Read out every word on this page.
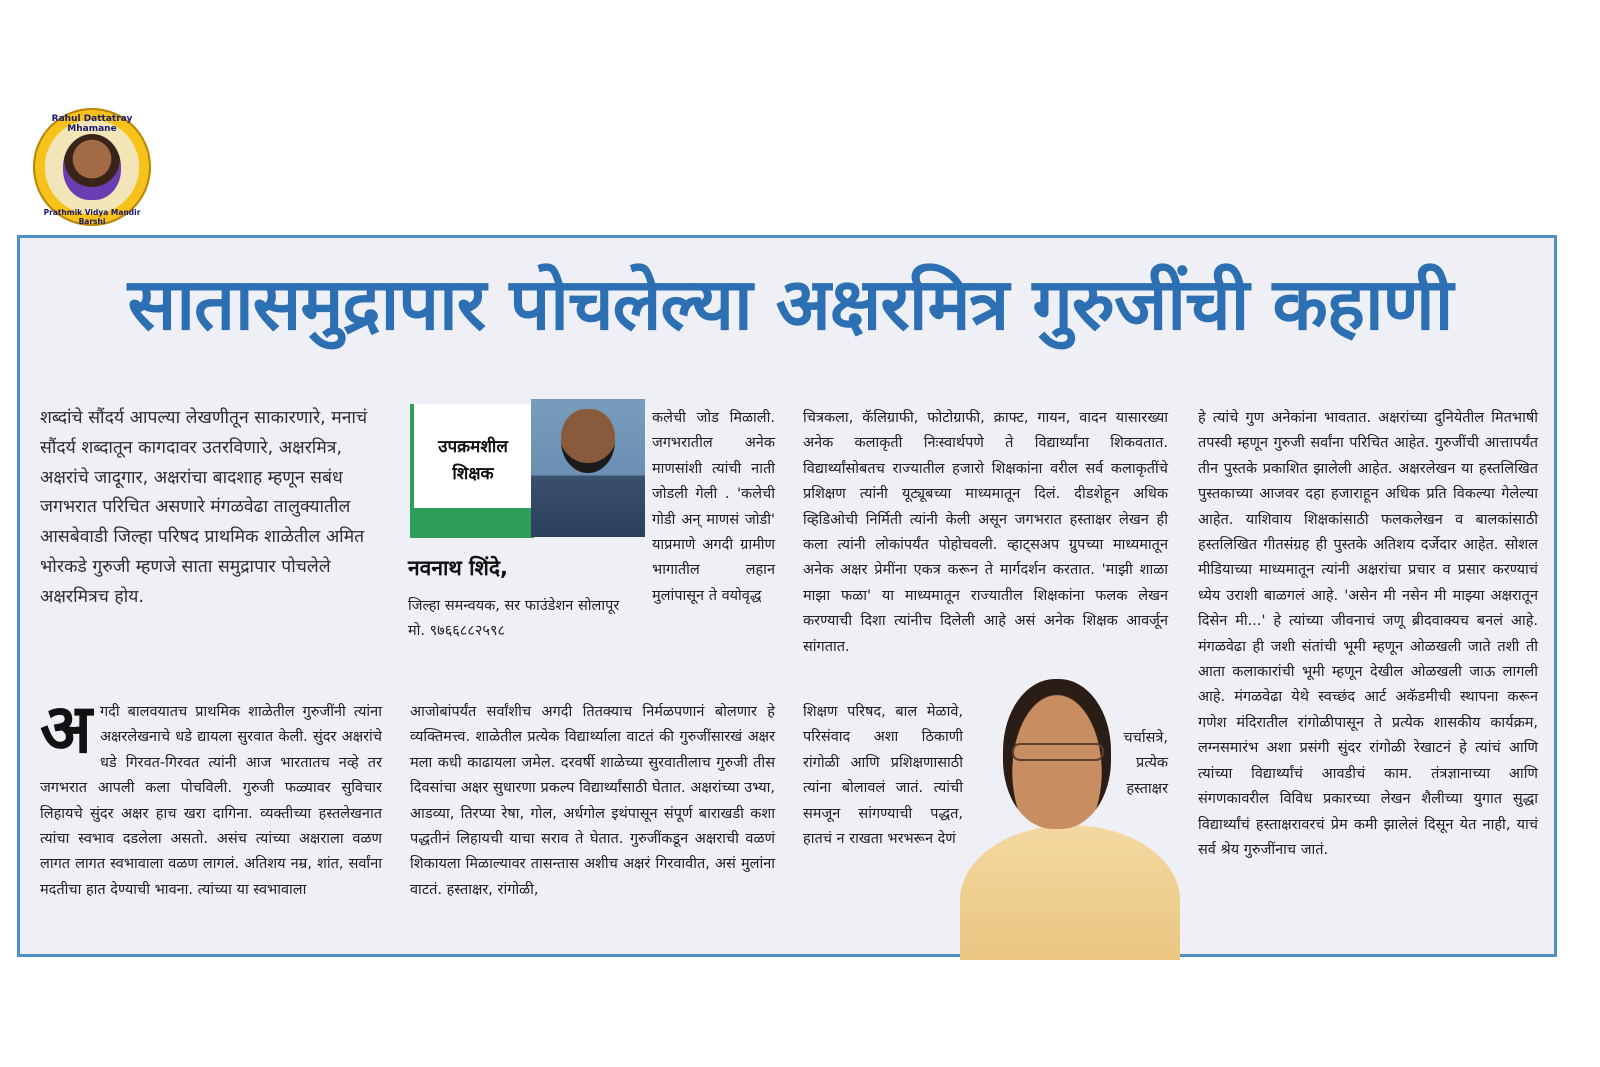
Rahul Dattatray Mhamane
Prathmik Vidya Mandir Barshi
सातासमुद्रापार पोचलेल्या अक्षरमित्र गुरुजींची कहाणी
शब्दांचे सौंदर्य आपल्या लेखणीतून साकारणारे, मनाचं सौंदर्य शब्दातून कागदावर उतरविणारे, अक्षरमित्र, अक्षरांचे जादूगार, अक्षरांचा बादशाह म्हणून सबंध जगभरात परिचित असणारे मंगळवेढा तालुक्यातील आसबेवाडी जिल्हा परिषद प्राथमिक शाळेतील अमित भोरकडे गुरुजी म्हणजे साता समुद्रापार पोचलेले अक्षरमित्रच होय.
उपक्रमशील शिक्षक
नवनाथ शिंदे,
जिल्हा समन्वयक, सर फाउंडेशन सोलापूर मो. ९७६६८८२५९८
अ गदी बालवयातच प्राथमिक शाळेतील गुरुजींनी त्यांना अक्षरलेखनाचे धडे द्यायला सुरवात केली. सुंदर अक्षरांचे धडे गिरवत-गिरवत त्यांनी आज भारतातच नव्हे तर जगभरात आपली कला पोचविली. गुरुजी फळ्यावर सुविचार लिहायचे सुंदर अक्षर हाच खरा दागिना. व्यक्तीच्या हस्तलेखनात त्यांचा स्वभाव दडलेला असतो. असंच त्यांच्या अक्षराला वळण लागत लागत स्वभावाला वळण लागलं. अतिशय नम्र, शांत, सर्वांना मदतीचा हात देण्याची भावना. त्यांच्या या स्वभावाला
कलेची जोड मिळाली. जगभरातील अनेक माणसांशी त्यांची नाती जोडली गेली . 'कलेची गोडी अन् माणसं जोडी' याप्रमाणे अगदी ग्रामीण भागातील लहान मुलांपासून ते वयोवृद्ध
आजोबांपर्यंत सर्वांशीच अगदी तितक्याच निर्मळपणानं बोलणार हे व्यक्तिमत्त्व. शाळेतील प्रत्येक विद्यार्थ्याला वाटतं की गुरुजींसारखं अक्षर मला कधी काढायला जमेल. दरवर्षी शाळेच्या सुरवातीलाच गुरुजी तीस दिवसांचा अक्षर सुधारणा प्रकल्प विद्यार्थ्यांसाठी घेतात. अक्षरांच्या उभ्या, आडव्या, तिरप्या रेषा, गोल, अर्धगोल इथंपासून संपूर्ण बाराखडी कशा पद्धतीनं लिहायची याचा सराव ते घेतात. गुरुजींकडून अक्षराची वळणं शिकायला मिळाल्यावर तासन्तास अशीच अक्षरं गिरवावीत, असं मुलांना वाटतं. हस्ताक्षर, रांगोळी,
चित्रकला, कॅलिग्राफी, फोटोग्राफी, क्राफ्ट, गायन, वादन यासारख्या अनेक कलाकृती निःस्वार्थपणे ते विद्यार्थ्यांना शिकवतात. विद्यार्थ्यांसोबतच राज्यातील हजारो शिक्षकांना वरील सर्व कलाकृतींचे प्रशिक्षण त्यांनी यूट्यूबच्या माध्यमातून दिलं. दीडशेहून अधिक व्हिडिओची निर्मिती त्यांनी केली असून जगभरात हस्ताक्षर लेखन ही कला त्यांनी लोकांपर्यंत पोहोचवली. व्हाट्सअप ग्रुपच्या माध्यमातून अनेक अक्षर प्रेमींना एकत्र करून ते मार्गदर्शन करतात. 'माझी शाळा माझा फळा' या माध्यमातून राज्यातील शिक्षकांना फलक लेखन करण्याची दिशा त्यांनीच दिलेली आहे असं अनेक शिक्षक आवर्जून सांगतात.
शिक्षण परिषद, बाल मेळावे, परिसंवाद अशा ठिकाणी रांगोळी आणि प्रशिक्षणासाठी त्यांना बोलावलं जातं. त्यांची समजून सांगण्याची पद्धत, हातचं न राखता भरभरून देणं
चर्चासत्रे, प्रत्येक हस्ताक्षर
हे त्यांचे गुण अनेकांना भावतात. अक्षरांच्या दुनियेतील मितभाषी तपस्वी म्हणून गुरुजी सर्वांना परिचित आहेत. गुरुजींची आत्तापर्यंत तीन पुस्तके प्रकाशित झालेली आहेत. अक्षरलेखन या हस्तलिखित पुस्तकाच्या आजवर दहा हजाराहून अधिक प्रति विकल्या गेलेल्या आहेत. याशिवाय शिक्षकांसाठी फलकलेखन व बालकांसाठी हस्तलिखित गीतसंग्रह ही पुस्तके अतिशय दर्जेदार आहेत. सोशल मीडियाच्या माध्यमातून त्यांनी अक्षरांचा प्रचार व प्रसार करण्याचं ध्येय उराशी बाळगलं आहे. 'असेन मी नसेन मी माझ्या अक्षरातून दिसेन मी...' हे त्यांच्या जीवनाचं जणू ब्रीदवाक्यच बनलं आहे. मंगळवेढा ही जशी संतांची भूमी म्हणून ओळखली जाते तशी ती आता कलाकारांची भूमी म्हणून देखील ओळखली जाऊ लागली आहे. मंगळवेढा येथे स्वच्छंद आर्ट अकॅडमीची स्थापना करून गणेश मंदिरातील रांगोळीपासून ते प्रत्येक शासकीय कार्यक्रम, लग्नसमारंभ अशा प्रसंगी सुंदर रांगोळी रेखाटनं हे त्यांचं आणि त्यांच्या विद्यार्थ्यांचं आवडीचं काम. तंत्रज्ञानाच्या आणि संगणकावरील विविध प्रकारच्या लेखन शैलीच्या युगात सुद्धा विद्यार्थ्यांचं हस्ताक्षरावरचं प्रेम कमी झालेलं दिसून येत नाही, याचं सर्व श्रेय गुरुजींनाच जातं.
